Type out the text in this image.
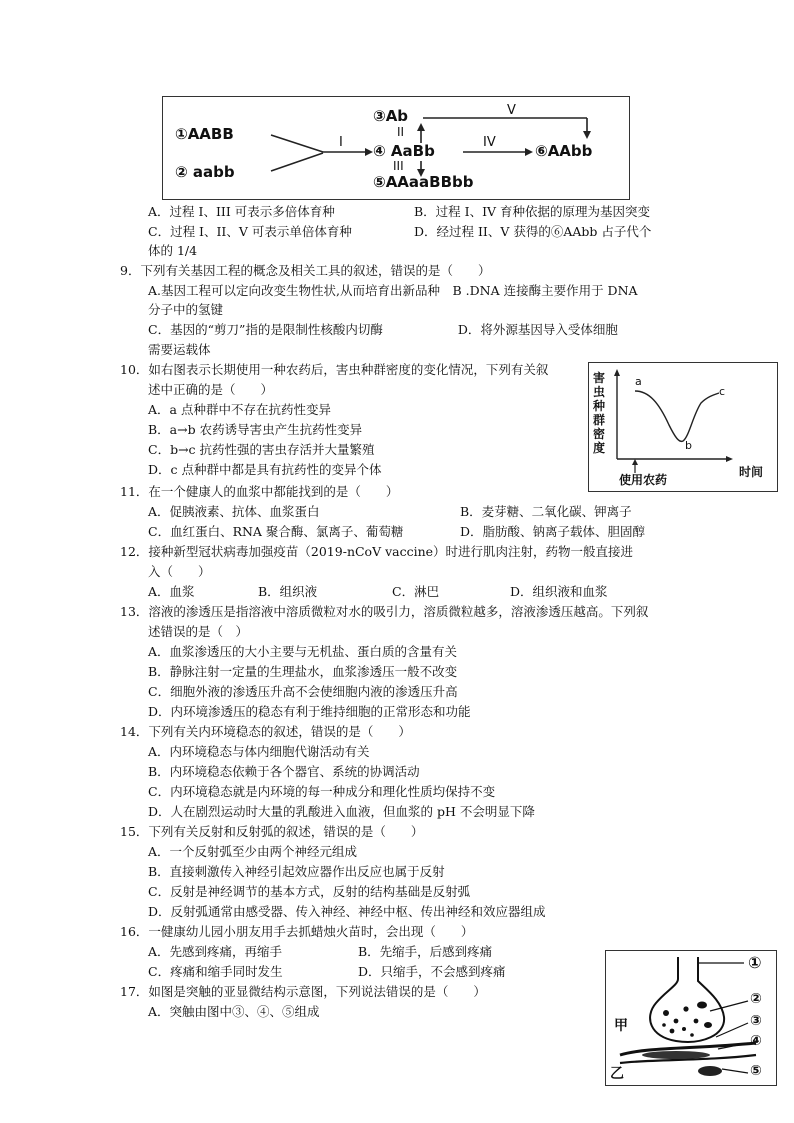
①AABB
② aabb
③Ab
④ AaBb
⑤AAaaBBbb
⑥AAbb
I
II
III
IV
V
A．过程 I、III 可表示多倍体育种	B．过程 I、IV 育种依据的原理为基因突变
C．过程 I、II、V 可表示单倍体育种	D．经过程 II、V 获得的⑥AAbb 占子代个
体的 1/4
9．下列有关基因工程的概念及相关工具的叙述，错误的是（　　）
A.基因工程可以定向改变生物性状,从而培育出新品种　B .DNA 连接酶主要作用于 DNA
分子中的氢键
C．基因的“剪刀”指的是限制性核酸内切酶　　　　　　D．将外源基因导入受体细胞
需要运载体
10．如右图表示长期使用一种农药后，害虫种群密度的变化情况，下列有关叙
述中正确的是（　　）
A．a 点种群中不存在抗药性变异
B．a→b 农药诱导害虫产生抗药性变异
C．b→c 抗药性强的害虫存活并大量繁殖
D．c 点种群中都是具有抗药性的变异个体
害虫种群密度
a
b
c
使用农药
时间
11．在一个健康人的血浆中都能找到的是（　　）
A．促胰液素、抗体、血浆蛋白	B．麦芽糖、二氧化碳、钾离子
C．血红蛋白、RNA 聚合酶、氯离子、葡萄糖	D．脂肪酸、钠离子载体、胆固醇
12．接种新型冠状病毒加强疫苗（2019-nCoV vaccine）时进行肌肉注射，药物一般直接进
入（　　）
A．血浆	B．组织液	C．淋巴	D．组织液和血浆
13．溶液的渗透压是指溶液中溶质微粒对水的吸引力，溶质微粒越多，溶液渗透压越高。下列叙
述错误的是（　）
A．血浆渗透压的大小主要与无机盐、蛋白质的含量有关
B．静脉注射一定量的生理盐水，血浆渗透压一般不改变
C．细胞外液的渗透压升高不会使细胞内液的渗透压升高
D．内环境渗透压的稳态有利于维持细胞的正常形态和功能
14．下列有关内环境稳态的叙述，错误的是（　　）
A．内环境稳态与体内细胞代谢活动有关
B．内环境稳态依赖于各个器官、系统的协调活动
C．内环境稳态就是内环境的每一种成分和理化性质均保持不变
D．人在剧烈运动时大量的乳酸进入血液，但血浆的 pH 不会明显下降
15．下列有关反射和反射弧的叙述，错误的是（　　）
A．一个反射弧至少由两个神经元组成
B．直接刺激传入神经引起效应器作出反应也属于反射
C．反射是神经调节的基本方式，反射的结构基础是反射弧
D．反射弧通常由感受器、传入神经、神经中枢、传出神经和效应器组成
16．一健康幼儿园小朋友用手去抓蜡烛火苗时，会出现（　　）
A．先感到疼痛，再缩手	B．先缩手，后感到疼痛
C．疼痛和缩手同时发生	D．只缩手，不会感到疼痛
17．如图是突触的亚显微结构示意图，下列说法错误的是（　　）
A．突触由图中③、④、⑤组成
①
②
③
④
⑤
甲
乙
